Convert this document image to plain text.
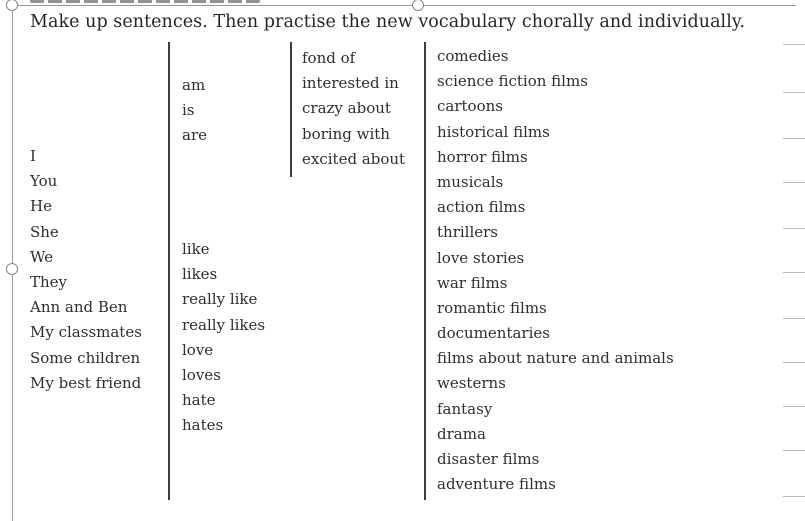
Make up sentences. Then practise the new vocabulary chorally and individually.
I
You
He
She
We
They
Ann and Ben
My classmates
Some children
My best friend
am
is
are
like
likes
really like
really likes
love
loves
hate
hates
fond of
interested in
crazy about
boring with
excited about
comedies
science fiction films
cartoons
historical films
horror films
musicals
action films
thrillers
love stories
war films
romantic films
documentaries
films about nature and animals
westerns
fantasy
drama
disaster films
adventure films
